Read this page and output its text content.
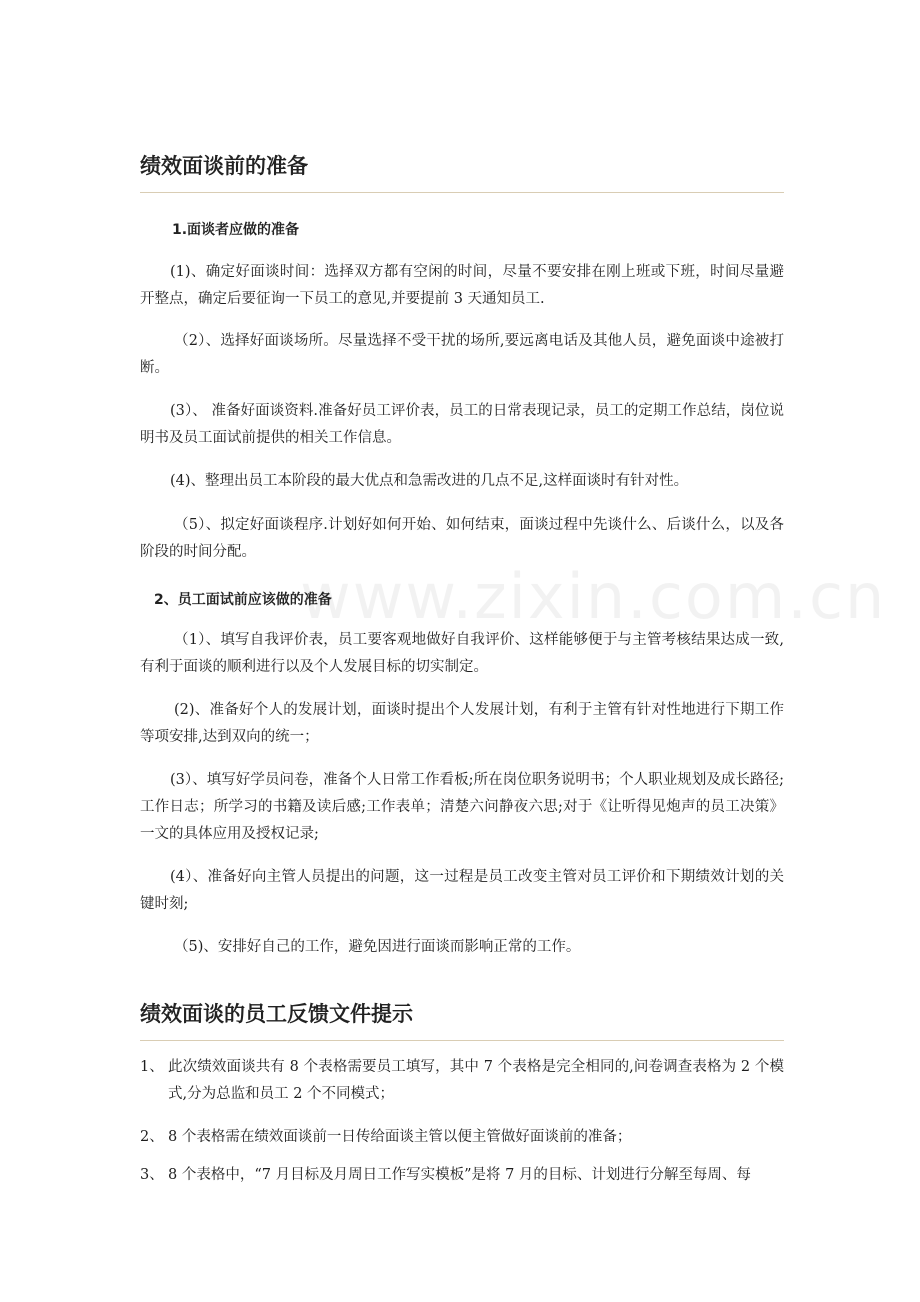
www.zixin.com.cn
绩效面谈前的准备
1.面谈者应做的准备
(1)、确定好面谈时间：选择双方都有空闲的时间，尽量不要安排在刚上班或下班，时间尽量避开整点，确定后要征询一下员工的意见,并要提前 3 天通知员工.
（2）、选择好面谈场所。尽量选择不受干扰的场所,要远离电话及其他人员，避免面谈中途被打断。
(3）、 准备好面谈资料.准备好员工评价表，员工的日常表现记录，员工的定期工作总结，岗位说明书及员工面试前提供的相关工作信息。
(4)、整理出员工本阶段的最大优点和急需改进的几点不足,这样面谈时有针对性。
（5）、拟定好面谈程序.计划好如何开始、如何结束，面谈过程中先谈什么、后谈什么，以及各阶段的时间分配。
2、员工面试前应该做的准备
（1）、填写自我评价表，员工要客观地做好自我评价、这样能够便于与主管考核结果达成一致,有利于面谈的顺利进行以及个人发展目标的切实制定。
(2)、准备好个人的发展计划，面谈时提出个人发展计划，有利于主管有针对性地进行下期工作等项安排,达到双向的统一；
(3）、填写好学员问卷，准备个人日常工作看板;所在岗位职务说明书；个人职业规划及成长路径;工作日志；所学习的书籍及读后感;工作表单；清楚六问静夜六思;对于《让听得见炮声的员工决策》一文的具体应用及授权记录;
(4）、准备好向主管人员提出的问题，这一过程是员工改变主管对员工评价和下期绩效计划的关键时刻;
（5)、安排好自己的工作，避免因进行面谈而影响正常的工作。
绩效面谈的员工反馈文件提示
1、 此次绩效面谈共有 8 个表格需要员工填写，其中 7 个表格是完全相同的,问卷调查表格为 2 个模式,分为总监和员工 2 个不同模式；
2、 8 个表格需在绩效面谈前一日传给面谈主管以便主管做好面谈前的准备；
3、 8 个表格中，“7 月目标及月周日工作写实模板”是将 7 月的目标、计划进行分解至每周、每
